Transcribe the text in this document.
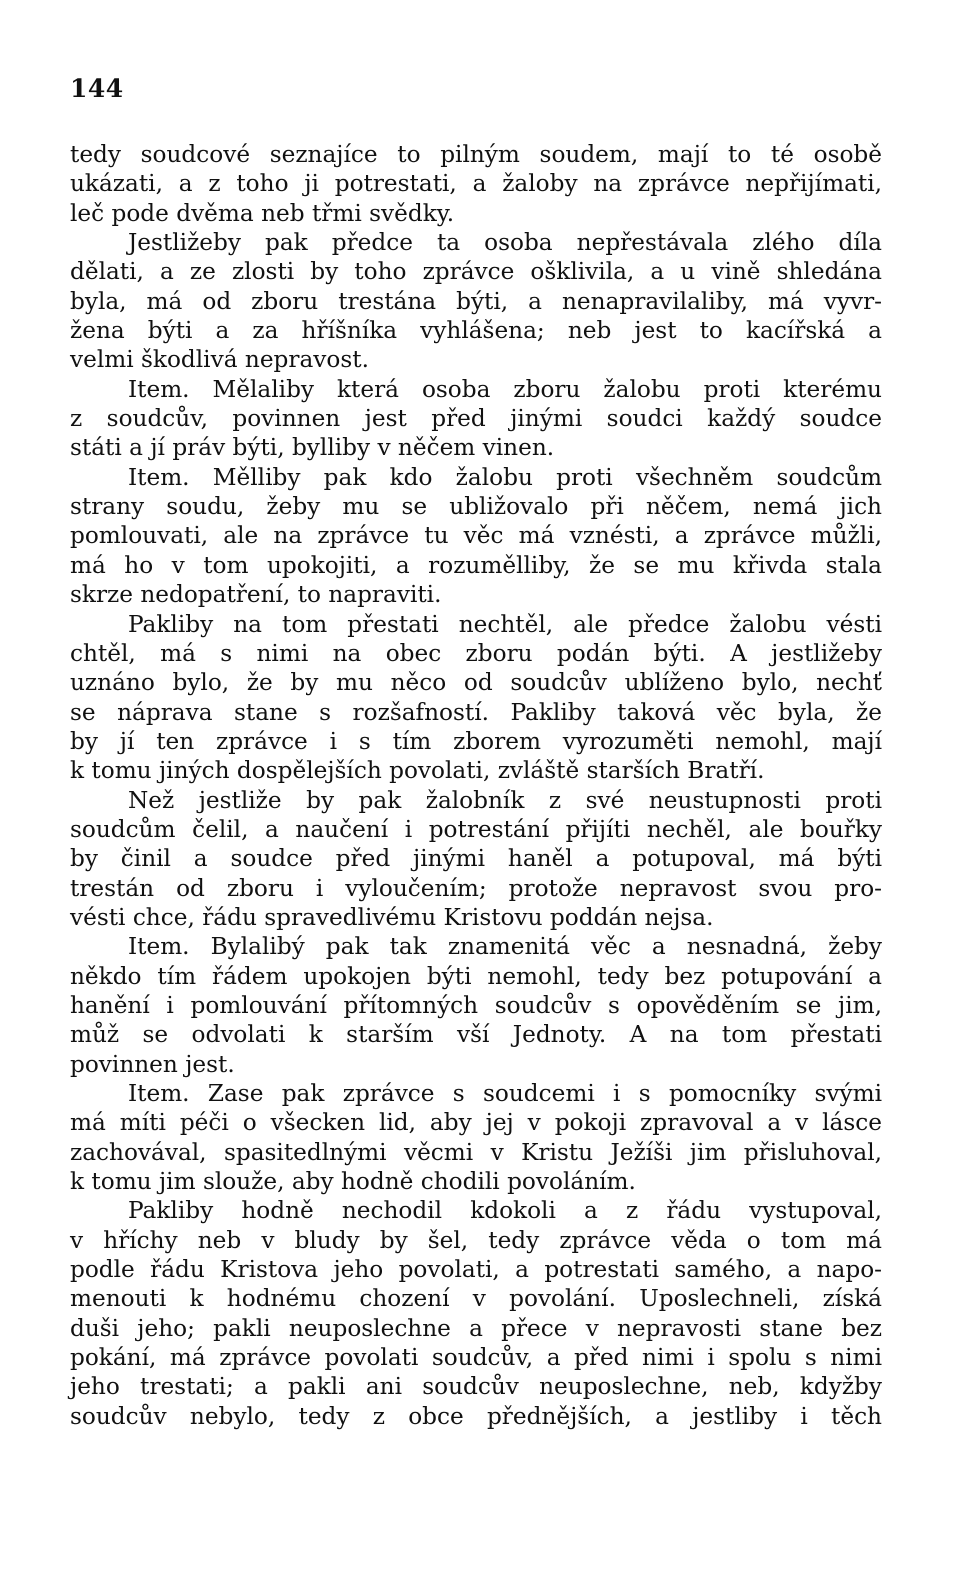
144
tedy soudcové seznajíce to pilným soudem, mají to té osobě
ukázati, a z toho ji potrestati, a žaloby na zprávce nepřijímati,
leč pode dvěma neb třmi svědky.
Jestližeby pak předce ta osoba nepřestávala zlého díla
dělati, a ze zlosti by toho zprávce ošklivila, a u vině shledána
byla, má od zboru trestána býti, a nenapravilaliby, má vyvr-
žena býti a za hříšníka vyhlášena; neb jest to kacířská a
velmi škodlivá nepravost.
Item. Mělaliby která osoba zboru žalobu proti kterému
z soudcův, povinnen jest před jinými soudci každý soudce
státi a jí práv býti, bylliby v něčem vinen.
Item. Měllіby pak kdo žalobu proti všechněm soudcům
strany soudu, žeby mu se ubližovalo při něčem, nemá jich
pomlouvati, ale na zprávce tu věc má vznésti, a zprávce můžli,
má ho v tom upokojiti, a rozumělliby, že se mu křivda stala
skrze nedopatření, to napraviti.
Pakliby na tom přestati nechtěl, ale předce žalobu vésti
chtěl, má s nimi na obec zboru podán býti. A jestližeby
uznáno bylo, že by mu něco od soudcův ublíženo bylo, nechť
se náprava stane s rozšafností. Pakliby taková věc byla, že
by jí ten zprávce i s tím zborem vyrozuměti nemohl, mají
k tomu jiných dospělejších povolati, zvláště starších Bratří.
Než jestliže by pak žalobník z své neustupnosti proti
soudcům čelil, a naučení i potrestání přijíti nechěl, ale bouřky
by činil a soudce před jinými haněl a potupoval, má býti
trestán od zboru i vyloučením; protože nepravost svou pro-
vésti chce, řádu spravedlivému Kristovu poddán nejsa.
Item. Bylalibý pak tak znamenitá věc a nesnadná, žeby
někdo tím řádem upokojen býti nemohl, tedy bez potupování a
hanění i pomlouvání přítomných soudcův s opověděním se jim,
můž se odvolati k starším vší Jednoty. A na tom přestati
povinnen jest.
Item. Zase pak zprávce s soudcemi i s pomocníky svými
má míti péči o všecken lid, aby jej v pokoji zpravoval a v lásce
zachovával, spasitedlnými věcmi v Kristu Ježíši jim přisluhoval,
k tomu jim slouže, aby hodně chodili povoláním.
Pakliby hodně nechodil kdokoli a z řádu vystupoval,
v hříchy neb v bludy by šel, tedy zprávce věda o tom má
podle řádu Kristova jeho povolati, a potrestati samého, a napo-
menouti k hodnému chození v povolání. Uposlechneli, získá
duši jeho; pakli neuposlechne a přece v nepravosti stane bez
pokání, má zprávce povolati soudcův, a před nimi i spolu s nimi
jeho trestati; a pakli ani soudcův neuposlechne, neb, kdyžby
soudcův nebylo, tedy z obce přednějších, a jestliby i těch
